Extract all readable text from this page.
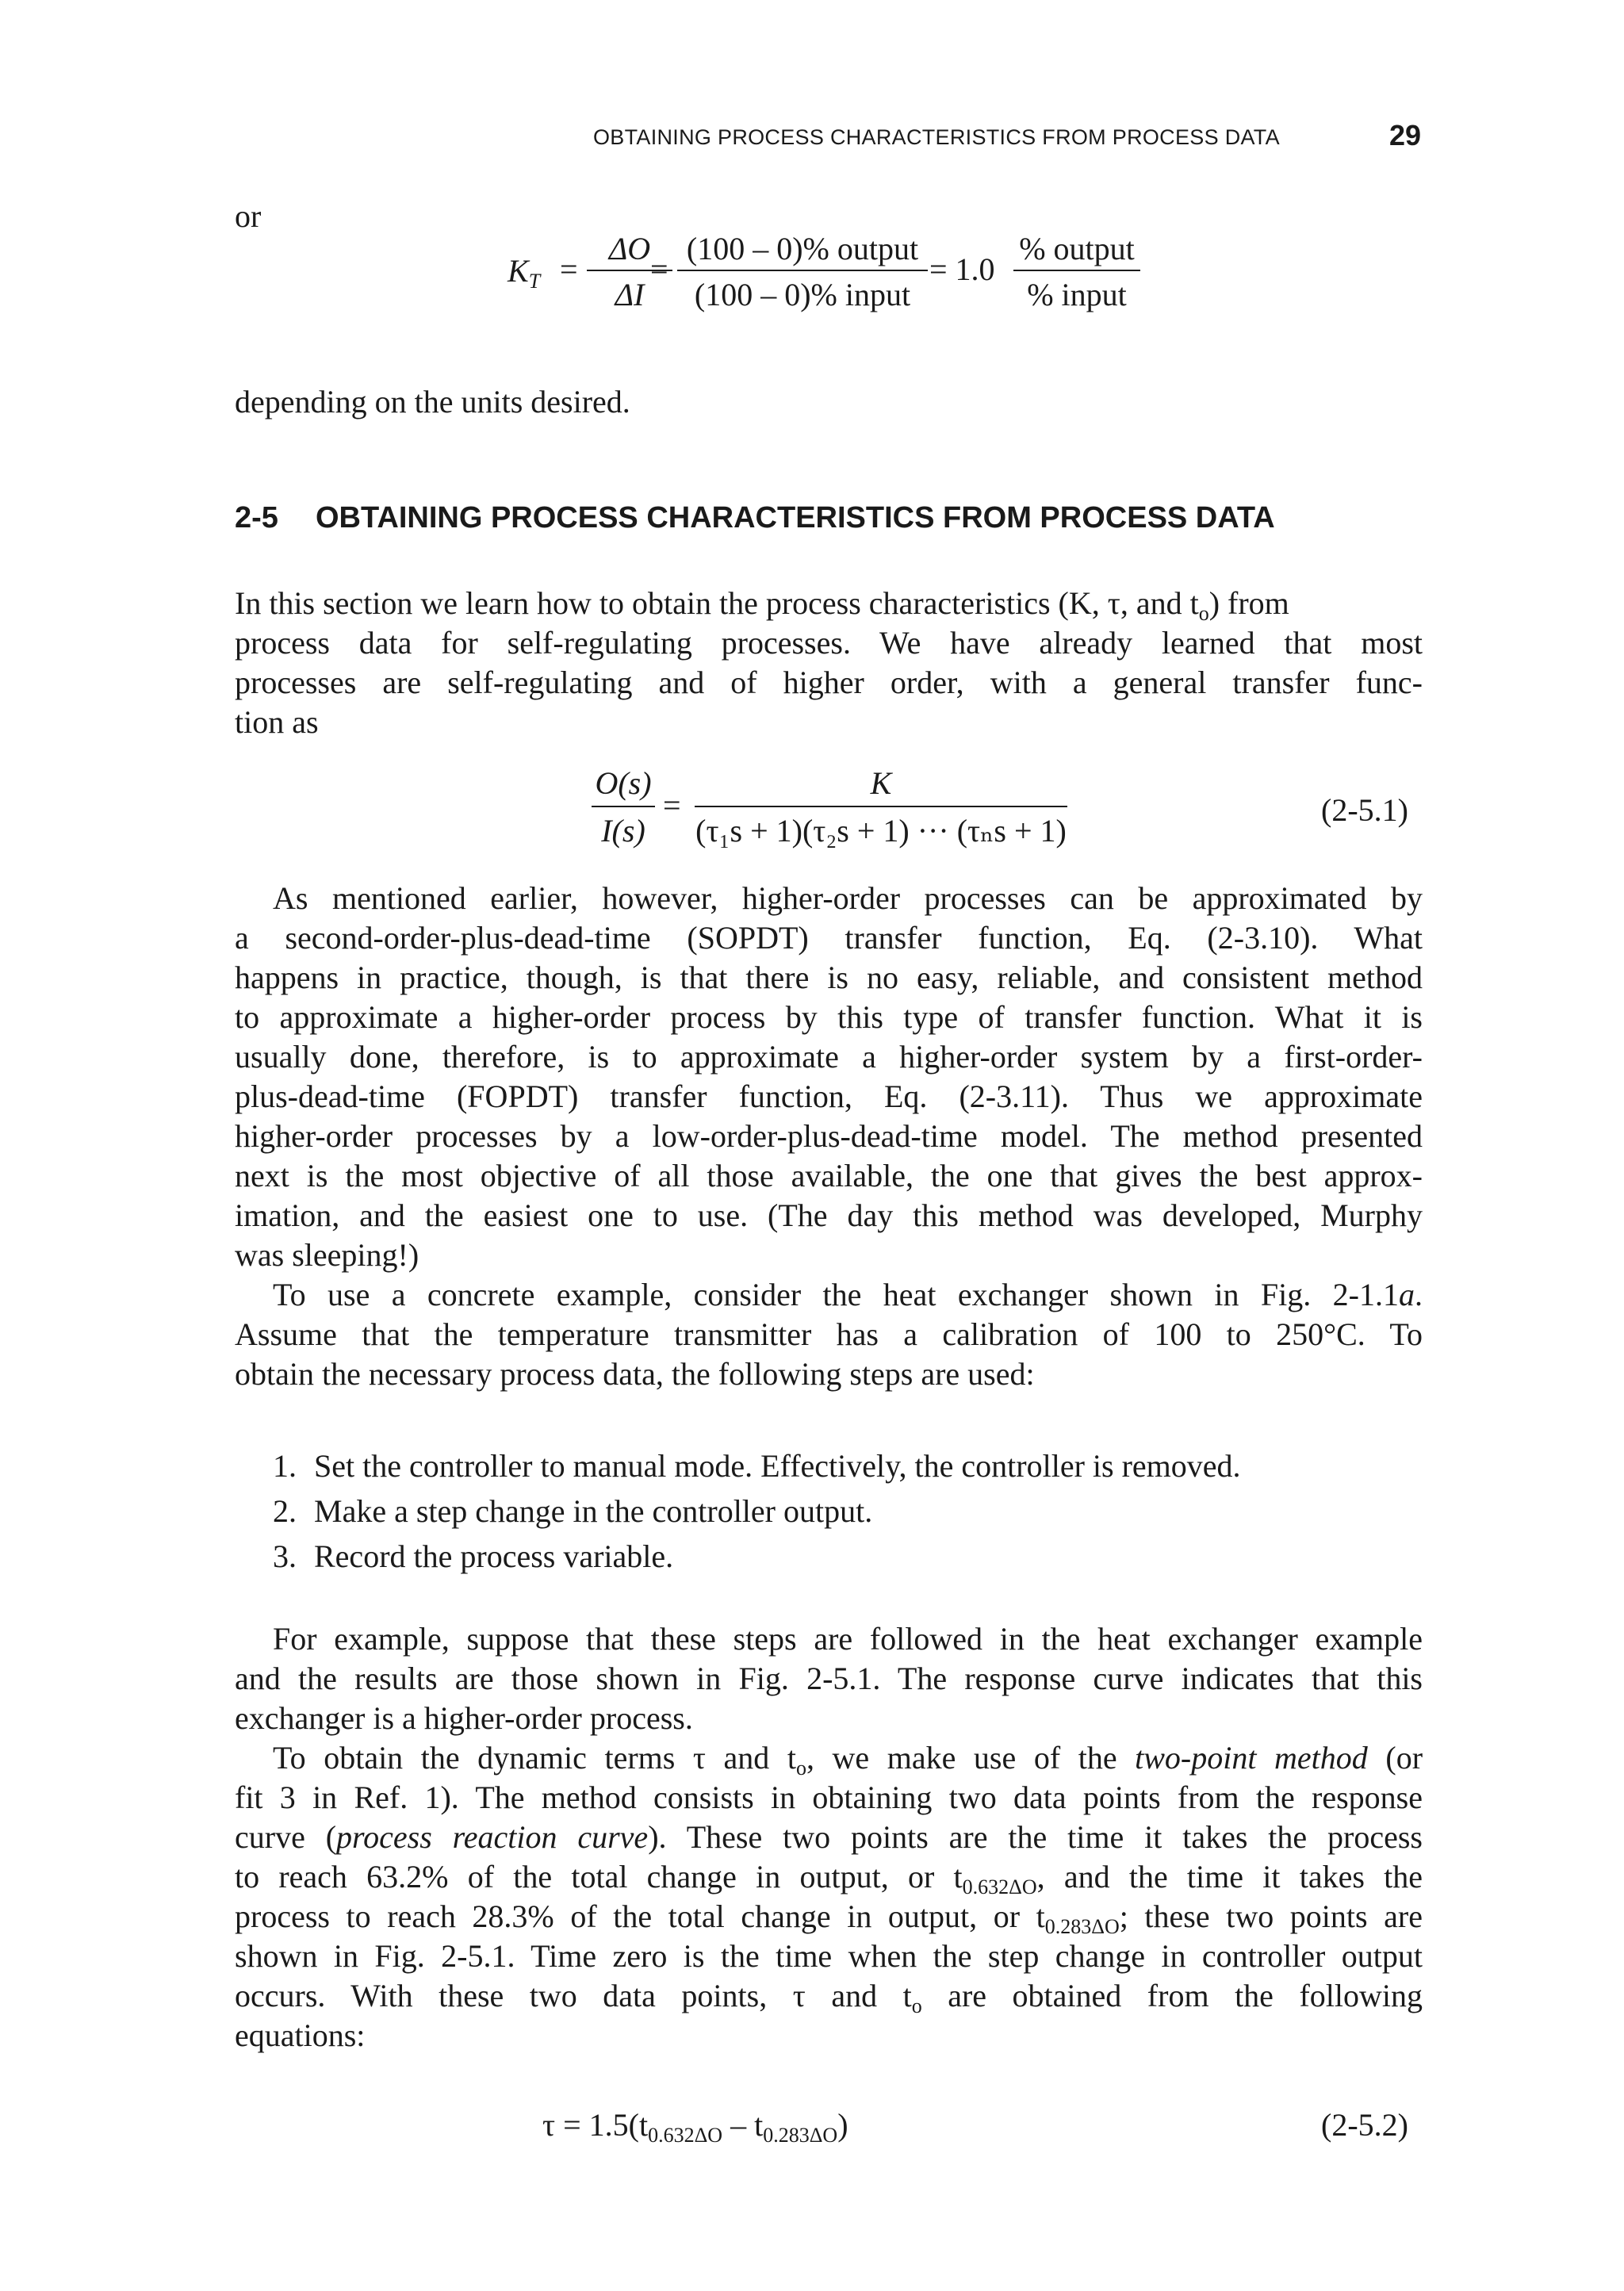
OBTAINING PROCESS CHARACTERISTICS FROM PROCESS DATA	29
or
$K_T$ =
ΔO
ΔI
=
(100 – 0)% output
(100 – 0)% input
= 1.0
% output
% input
depending on the units desired.
2-5 OBTAINING PROCESS CHARACTERISTICS FROM PROCESS DATA
In this section we learn how to obtain the process characteristics (K, τ, and $t_o$) from
process data for self-regulating processes. We have already learned that most
processes are self-regulating and of higher order, with a general transfer func-
tion as
O(s)
I(s)
=
K
(τ₁s + 1)(τ₂s + 1) ··· (τₙs + 1)
(2-5.1)
As mentioned earlier, however, higher-order processes can be approximated by
a second-order-plus-dead-time (SOPDT) transfer function, Eq. (2-3.10). What
happens in practice, though, is that there is no easy, reliable, and consistent method
to approximate a higher-order process by this type of transfer function. What it is
usually done, therefore, is to approximate a higher-order system by a first-order-
plus-dead-time (FOPDT) transfer function, Eq. (2-3.11). Thus we approximate
higher-order processes by a low-order-plus-dead-time model. The method presented
next is the most objective of all those available, the one that gives the best approx-
imation, and the easiest one to use. (The day this method was developed, Murphy
was sleeping!)
To use a concrete example, consider the heat exchanger shown in Fig. 2-1.1a.
Assume that the temperature transmitter has a calibration of 100 to 250°C. To
obtain the necessary process data, the following steps are used:
1. Set the controller to manual mode. Effectively, the controller is removed.
2. Make a step change in the controller output.
3. Record the process variable.
For example, suppose that these steps are followed in the heat exchanger example
and the results are those shown in Fig. 2-5.1. The response curve indicates that this
exchanger is a higher-order process.
To obtain the dynamic terms τ and $t_o$, we make use of the two-point method (or
fit 3 in Ref. 1). The method consists in obtaining two data points from the response
curve (process reaction curve). These two points are the time it takes the process
to reach 63.2% of the total change in output, or $t_{0.632\Delta O}$, and the time it takes the
process to reach 28.3% of the total change in output, or $t_{0.283\Delta O}$; these two points are
shown in Fig. 2-5.1. Time zero is the time when the step change in controller output
occurs. With these two data points, τ and $t_o$ are obtained from the following
equations:
$\tau = 1.5(t_{0.632\Delta O} - t_{0.283\Delta O})$	(2-5.2)
